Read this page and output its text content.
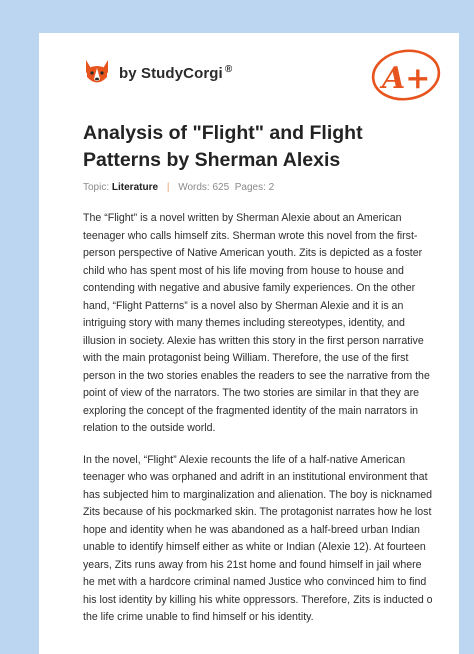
by StudyCorgi ®	A+
Analysis of "Flight" and Flight Patterns by Sherman Alexis
Topic: Literature | Words: 625 Pages: 2

The “Flight” is a novel written by Sherman Alexie about an American teenager who calls himself zits. Sherman wrote this novel from the first-person perspective of Native American youth. Zits is depicted as a foster child who has spent most of his life moving from house to house and contending with negative and abusive family experiences. On the other hand, “Flight Patterns” is a novel also by Sherman Alexie and it is an intriguing story with many themes including stereotypes, identity, and illusion in society. Alexie has written this story in the first person narrative with the main protagonist being William. Therefore, the use of the first person in the two stories enables the readers to see the narrative from the point of view of the narrators. The two stories are similar in that they are exploring the concept of the fragmented identity of the main narrators in relation to the outside world.

In the novel, “Flight” Alexie recounts the life of a half-native American teenager who was orphaned and adrift in an institutional environment that has subjected him to marginalization and alienation. The boy is nicknamed Zits because of his pockmarked skin. The protagonist narrates how he lost hope and identity when he was abandoned as a half-breed urban Indian unable to identify himself either as white or Indian (Alexie 12). At fourteen years, Zits runs away from his 21st home and found himself in jail where he met with a hardcore criminal named Justice who convinced him to find his lost identity by killing his white oppressors. Therefore, Zits is inducted o the life crime unable to find himself or his identity.
